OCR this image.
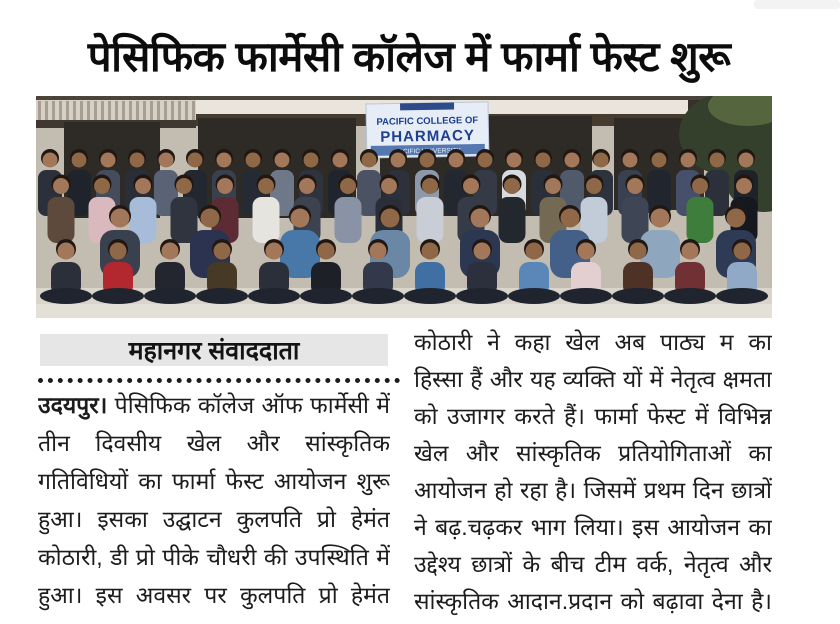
पेसिफिक फार्मेसी कॉलेज में फार्मा फेस्ट शुरू
PACIFIC COLLEGE OF
PHARMACY
PACIFIC UNIVERSITY
महानगर संवाददाता
उदयपुर। पेसिफिक कॉलेज ऑफ फार्मेसी में
तीन दिवसीय खेल और सांस्कृतिक
गतिविधियों का फार्मा फेस्ट आयोजन शुरू
हुआ। इसका उद्घाटन कुलपति प्रो हेमंत
कोठारी, डी प्रो पीके चौधरी की उपस्थिति में
हुआ। इस अवसर पर कुलपति प्रो हेमंत
कोठारी ने कहा खेल अब पाठ्य म का
हिस्सा हैं और यह व्यक्ति यों में नेतृत्व क्षमता
को उजागर करते हैं। फार्मा फेस्ट में विभिन्न
खेल और सांस्कृतिक प्रतियोगिताओं का
आयोजन हो रहा है। जिसमें प्रथम दिन छात्रों
ने बढ़.चढ़कर भाग लिया। इस आयोजन का
उद्देश्य छात्रों के बीच टीम वर्क, नेतृत्व और
सांस्कृतिक आदान.प्रदान को बढ़ावा देना है।
